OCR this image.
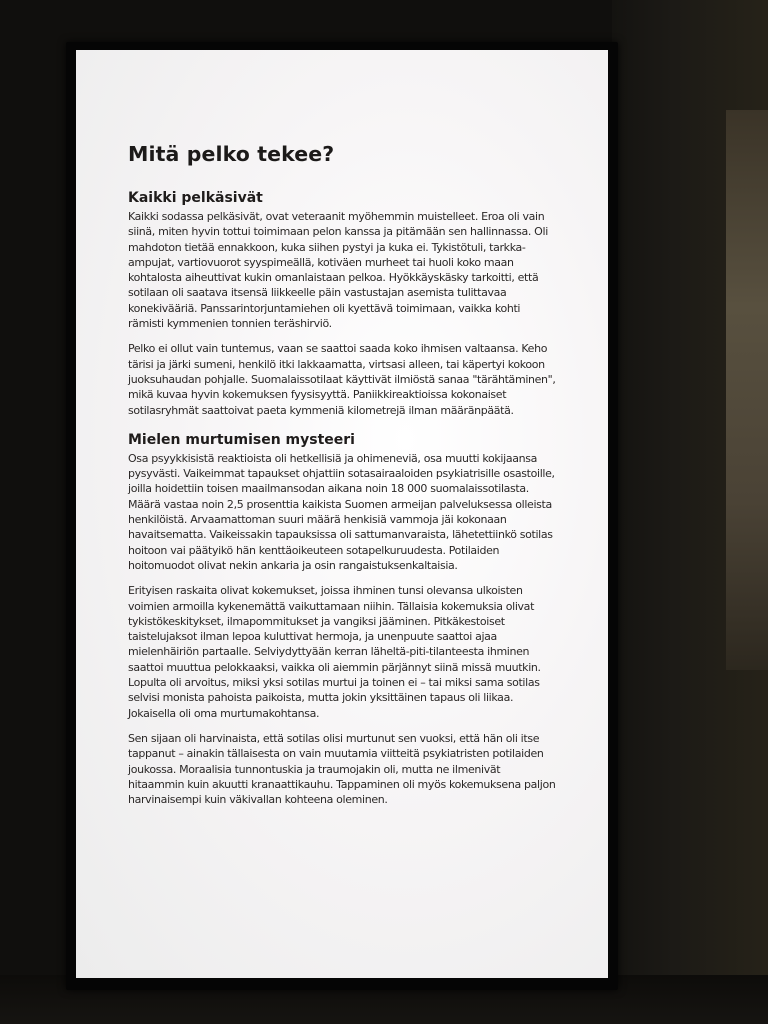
Mitä pelko tekee?
Kaikki pelkäsivät

Kaikki sodassa pelkäsivät, ovat veteraanit myöhemmin muistelleet. Eroa oli vain siinä, miten hyvin tottui toimimaan pelon kanssa ja pitämään sen hallinnassa. Oli mahdoton tietää ennakkoon, kuka siihen pystyi ja kuka ei. Tykistötuli, tarkka-ampujat, vartiovuorot syyspimeällä, kotiväen murheet tai huoli koko maan kohtalosta aiheuttivat kukin omanlaistaan pelkoa. Hyökkäyskäsky tarkoitti, että sotilaan oli saatava itsensä liikkeelle päin vastustajan asemista tulittavaa konekivääriä. Panssarintorjuntamiehen oli kyettävä toimimaan, vaikka kohti rämisti kymmenien tonnien teräshirviö.

Pelko ei ollut vain tuntemus, vaan se saattoi saada koko ihmisen valtaansa. Keho tärisi ja järki sumeni, henkilö itki lakkaamatta, virtsasi alleen, tai käpertyi kokoon juoksuhaudan pohjalle. Suomalaissotilaat käyttivät ilmiöstä sanaa "tärähtäminen", mikä kuvaa hyvin kokemuksen fyysisyyttä. Paniikkireaktioissa kokonaiset sotilasryhmät saattoivat paeta kymmeniä kilometrejä ilman määränpäätä.

Mielen murtumisen mysteeri

Osa psyykkisistä reaktioista oli hetkellisiä ja ohimeneviä, osa muutti kokijaansa pysyvästi. Vaikeimmat tapaukset ohjattiin sotasairaaloiden psykiatrisille osastoille, joilla hoidettiin toisen maailmansodan aikana noin 18 000 suomalaissotilasta. Määrä vastaa noin 2,5 prosenttia kaikista Suomen armeijan palveluksessa olleista henkilöistä. Arvaamattoman suuri määrä henkisiä vammoja jäi kokonaan havaitsematta. Vaikeissakin tapauksissa oli sattumanvaraista, lähetettiinkö sotilas hoitoon vai päätyikö hän kenttäoikeuteen sotapelkuruudesta. Potilaiden hoitomuodot olivat nekin ankaria ja osin rangaistuksenkaltaisia.

Erityisen raskaita olivat kokemukset, joissa ihminen tunsi olevansa ulkoisten voimien armoilla kykenemättä vaikuttamaan niihin. Tällaisia kokemuksia olivat tykistökeskitykset, ilmapommitukset ja vangiksi jääminen. Pitkäkestoiset taistelujaksot ilman lepoa kuluttivat hermoja, ja unenpuute saattoi ajaa mielenhäiriön partaalle. Selviydyttyään kerran läheltä-piti-tilanteesta ihminen saattoi muuttua pelokkaaksi, vaikka oli aiemmin pärjännyt siinä missä muutkin. Lopulta oli arvoitus, miksi yksi sotilas murtui ja toinen ei – tai miksi sama sotilas selvisi monista pahoista paikoista, mutta jokin yksittäinen tapaus oli liikaa. Jokaisella oli oma murtumakohtansa.

Sen sijaan oli harvinaista, että sotilas olisi murtunut sen vuoksi, että hän oli itse tappanut – ainakin tällaisesta on vain muutamia viitteitä psykiatristen potilaiden joukossa. Moraalisia tunnontuskia ja traumojakin oli, mutta ne ilmenivät hitaammin kuin akuutti kranaattikauhu. Tappaminen oli myös kokemuksena paljon harvinaisempi kuin väkivallan kohteena oleminen.
